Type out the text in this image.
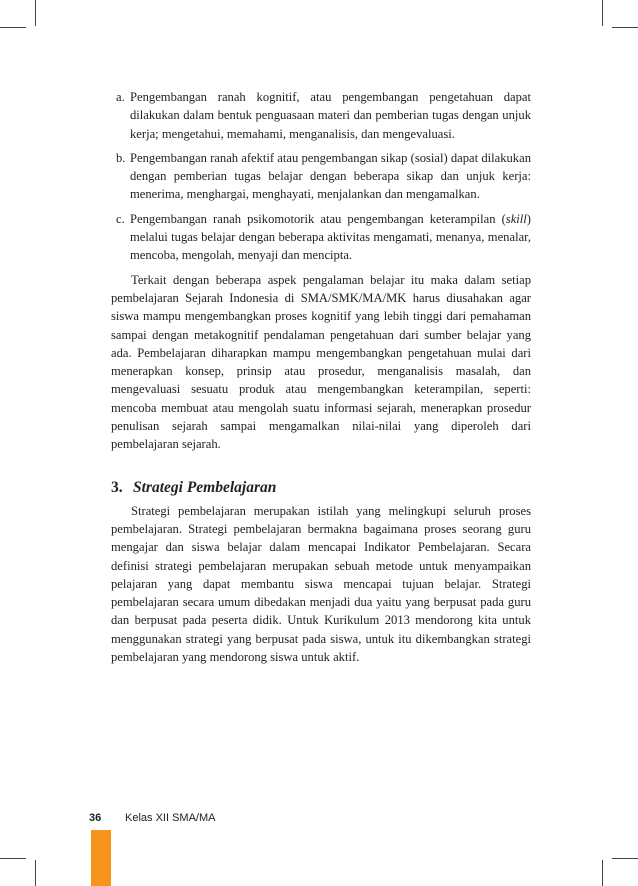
a. Pengembangan ranah kognitif, atau pengembangan pengetahuan dapat dilakukan dalam bentuk penguasaan materi dan pemberian tugas dengan unjuk kerja; mengetahui, memahami, menganalisis, dan mengevaluasi.
b. Pengembangan ranah afektif atau pengembangan sikap (sosial) dapat dilakukan dengan pemberian tugas belajar dengan beberapa sikap dan unjuk kerja: menerima, menghargai, menghayati, menjalankan dan mengamalkan.
c. Pengembangan ranah psikomotorik atau pengembangan keterampilan (skill) melalui tugas belajar dengan beberapa aktivitas mengamati, menanya, menalar, mencoba, mengolah, menyaji dan mencipta.

Terkait dengan beberapa aspek pengalaman belajar itu maka dalam setiap pembelajaran Sejarah Indonesia di SMA/SMK/MA/MK harus diusahakan agar siswa mampu mengembangkan proses kognitif yang lebih tinggi dari pemahaman sampai dengan metakognitif pendalaman pengetahuan dari sumber belajar yang ada. Pembelajaran diharapkan mampu mengembangkan pengetahuan mulai dari menerapkan konsep, prinsip atau prosedur, menganalisis masalah, dan mengevaluasi sesuatu produk atau mengembangkan keterampilan, seperti: mencoba membuat atau mengolah suatu informasi sejarah, menerapkan prosedur penulisan sejarah sampai mengamalkan nilai-nilai yang diperoleh dari pembelajaran sejarah.

3. Strategi Pembelajaran

Strategi pembelajaran merupakan istilah yang melingkupi seluruh proses pembelajaran. Strategi pembelajaran bermakna bagaimana proses seorang guru mengajar dan siswa belajar dalam mencapai Indikator Pembelajaran. Secara definisi strategi pembelajaran merupakan sebuah metode untuk menyampaikan pelajaran yang dapat membantu siswa mencapai tujuan belajar. Strategi pembelajaran secara umum dibedakan menjadi dua yaitu yang berpusat pada guru dan berpusat pada peserta didik. Untuk Kurikulum 2013 mendorong kita untuk menggunakan strategi yang berpusat pada siswa, untuk itu dikembangkan strategi pembelajaran yang mendorong siswa untuk aktif.

36	Kelas XII SMA/MA
